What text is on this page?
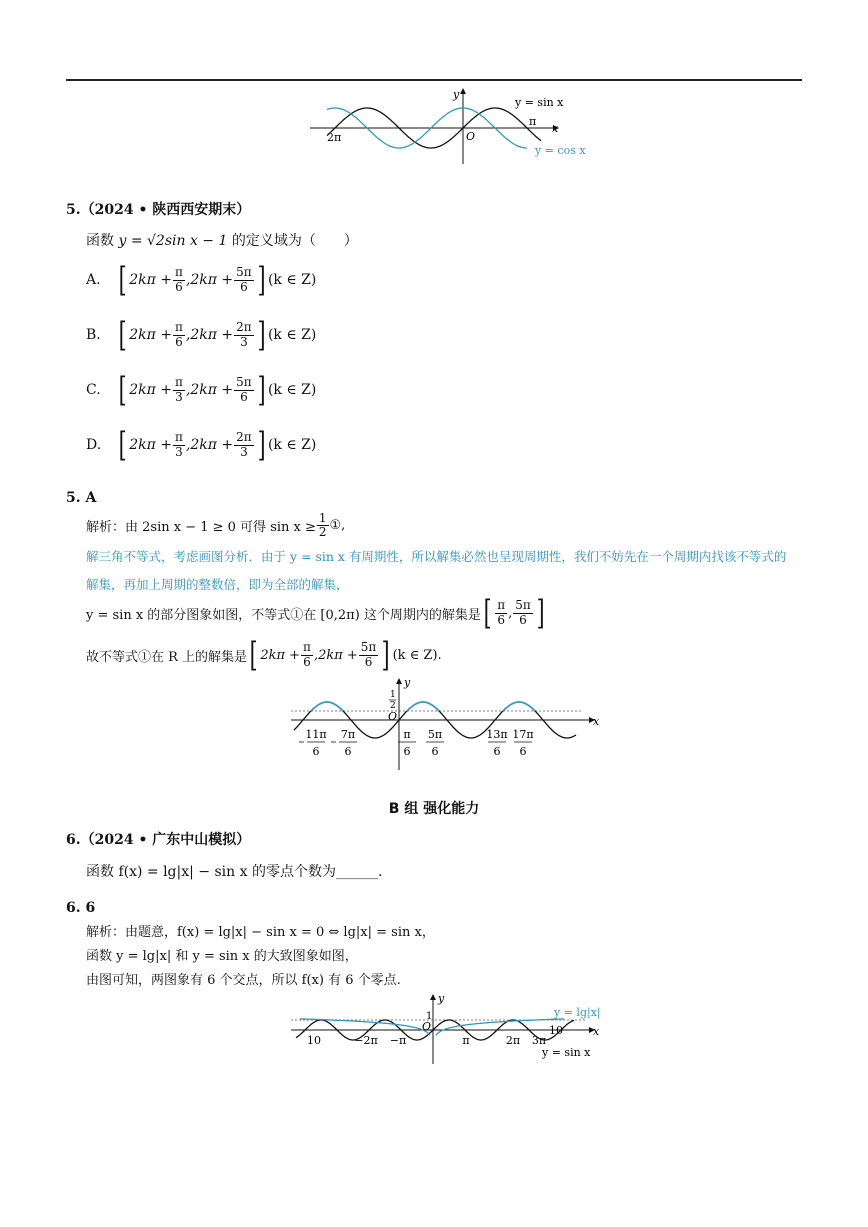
y
x
O
y = sin x
y = cos x
2π
π
5.（2024 • 陕西西安期末）
函数 y = √2sin x − 1 的定义域为（　　）
A. [ $2k\pi + \frac{\pi}{6} ,2k\pi + \frac{5\pi}{6}$ ] (k ∈ Z)
B. [ $2k\pi + \frac{\pi}{6} ,2k\pi + \frac{2\pi}{3}$ ] (k ∈ Z)
C. [ $2k\pi + \frac{\pi}{3} ,2k\pi + \frac{5\pi}{6}$ ] (k ∈ Z)
D. [ $2k\pi + \frac{\pi}{3} ,2k\pi + \frac{2\pi}{3}$ ] (k ∈ Z)
5. A
解析：由 2sin x − 1 ≥ 0 可得 $\sin x \ge \frac{1}{2}$ ①,
解三角不等式，考虑画图分析．由于 y = sin x 有周期性，所以解集必然也呈现周期性，我们不妨先在一个周期内找该不等式的
解集，再加上周期的整数倍，即为全部的解集，
y = sin x 的部分图象如图，不等式①在 [0,2π) 这个周期内的解集是 [ $\frac{\pi}{6}$ , $\frac{5\pi}{6}$ ]
故不等式①在 R 上的解集是 [ $2k\pi + \frac{\pi}{6} ,2k\pi + \frac{5\pi}{6}$ ] (k ∈ Z).
y
x
O
1
2
11π
6
7π
6
π
6
5π
6
13π
6
17π
6
B 组 强化能力
6.（2024 • 广东中山模拟）
函数 f(x) = lg|x| − sin x 的零点个数为______.
6. 6
解析：由题意，f(x) = lg|x| − sin x = 0 ⇔ lg|x| = sin x，
函数 y = lg|x| 和 y = sin x 的大致图象如图，
由图可知，两图象有 6 个交点，所以 f(x) 有 6 个零点.
y
x
O
1	y = lg|x|
y = sin x
10	−2π −π	π	2π 3π
10
